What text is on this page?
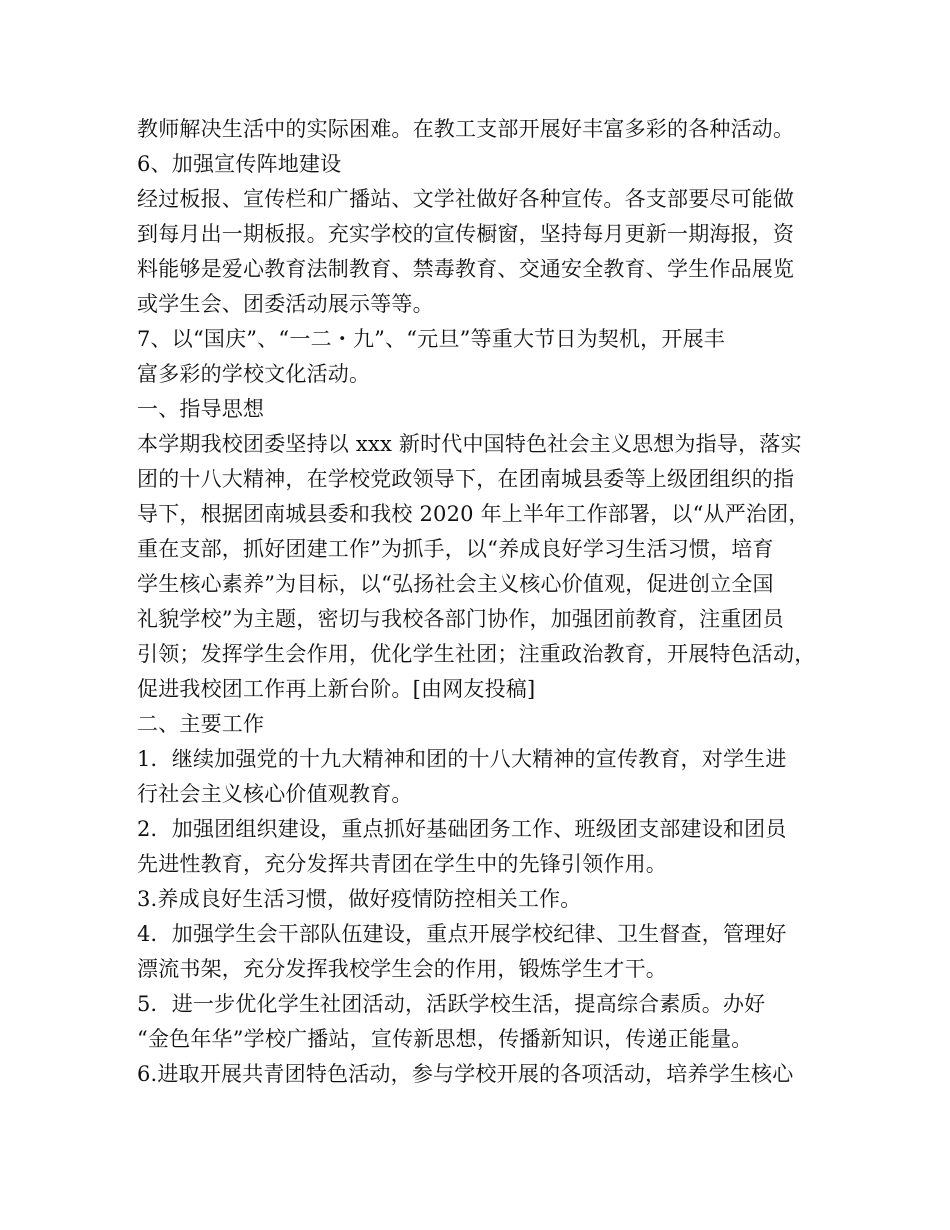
教师解决生活中的实际困难。在教工支部开展好丰富多彩的各种活动。
6、加强宣传阵地建设
经过板报、宣传栏和广播站、文学社做好各种宣传。各支部要尽可能做
到每月出一期板报。充实学校的宣传橱窗，坚持每月更新一期海报，资
料能够是爱心教育法制教育、禁毒教育、交通安全教育、学生作品展览
或学生会、团委活动展示等等。
7、以“国庆”、“一二・九”、“元旦”等重大节日为契机，开展丰
富多彩的学校文化活动。
一、指导思想
本学期我校团委坚持以 xxx 新时代中国特色社会主义思想为指导，落实
团的十八大精神，在学校党政领导下，在团南城县委等上级团组织的指
导下，根据团南城县委和我校 2020 年上半年工作部署，以“从严治团，
重在支部，抓好团建工作”为抓手，以“养成良好学习生活习惯，培育
学生核心素养”为目标，以“弘扬社会主义核心价值观，促进创立全国
礼貌学校”为主题，密切与我校各部门协作，加强团前教育，注重团员
引领；发挥学生会作用，优化学生社团；注重政治教育，开展特色活动，
促进我校团工作再上新台阶。[由网友投稿]
二、主要工作
1．继续加强党的十九大精神和团的十八大精神的宣传教育，对学生进
行社会主义核心价值观教育。
2．加强团组织建设，重点抓好基础团务工作、班级团支部建设和团员
先进性教育，充分发挥共青团在学生中的先锋引领作用。
3.养成良好生活习惯，做好疫情防控相关工作。
4．加强学生会干部队伍建设，重点开展学校纪律、卫生督查，管理好
漂流书架，充分发挥我校学生会的作用，锻炼学生才干。
5．进一步优化学生社团活动，活跃学校生活，提高综合素质。办好
“金色年华”学校广播站，宣传新思想，传播新知识，传递正能量。
6.进取开展共青团特色活动，参与学校开展的各项活动，培养学生核心
